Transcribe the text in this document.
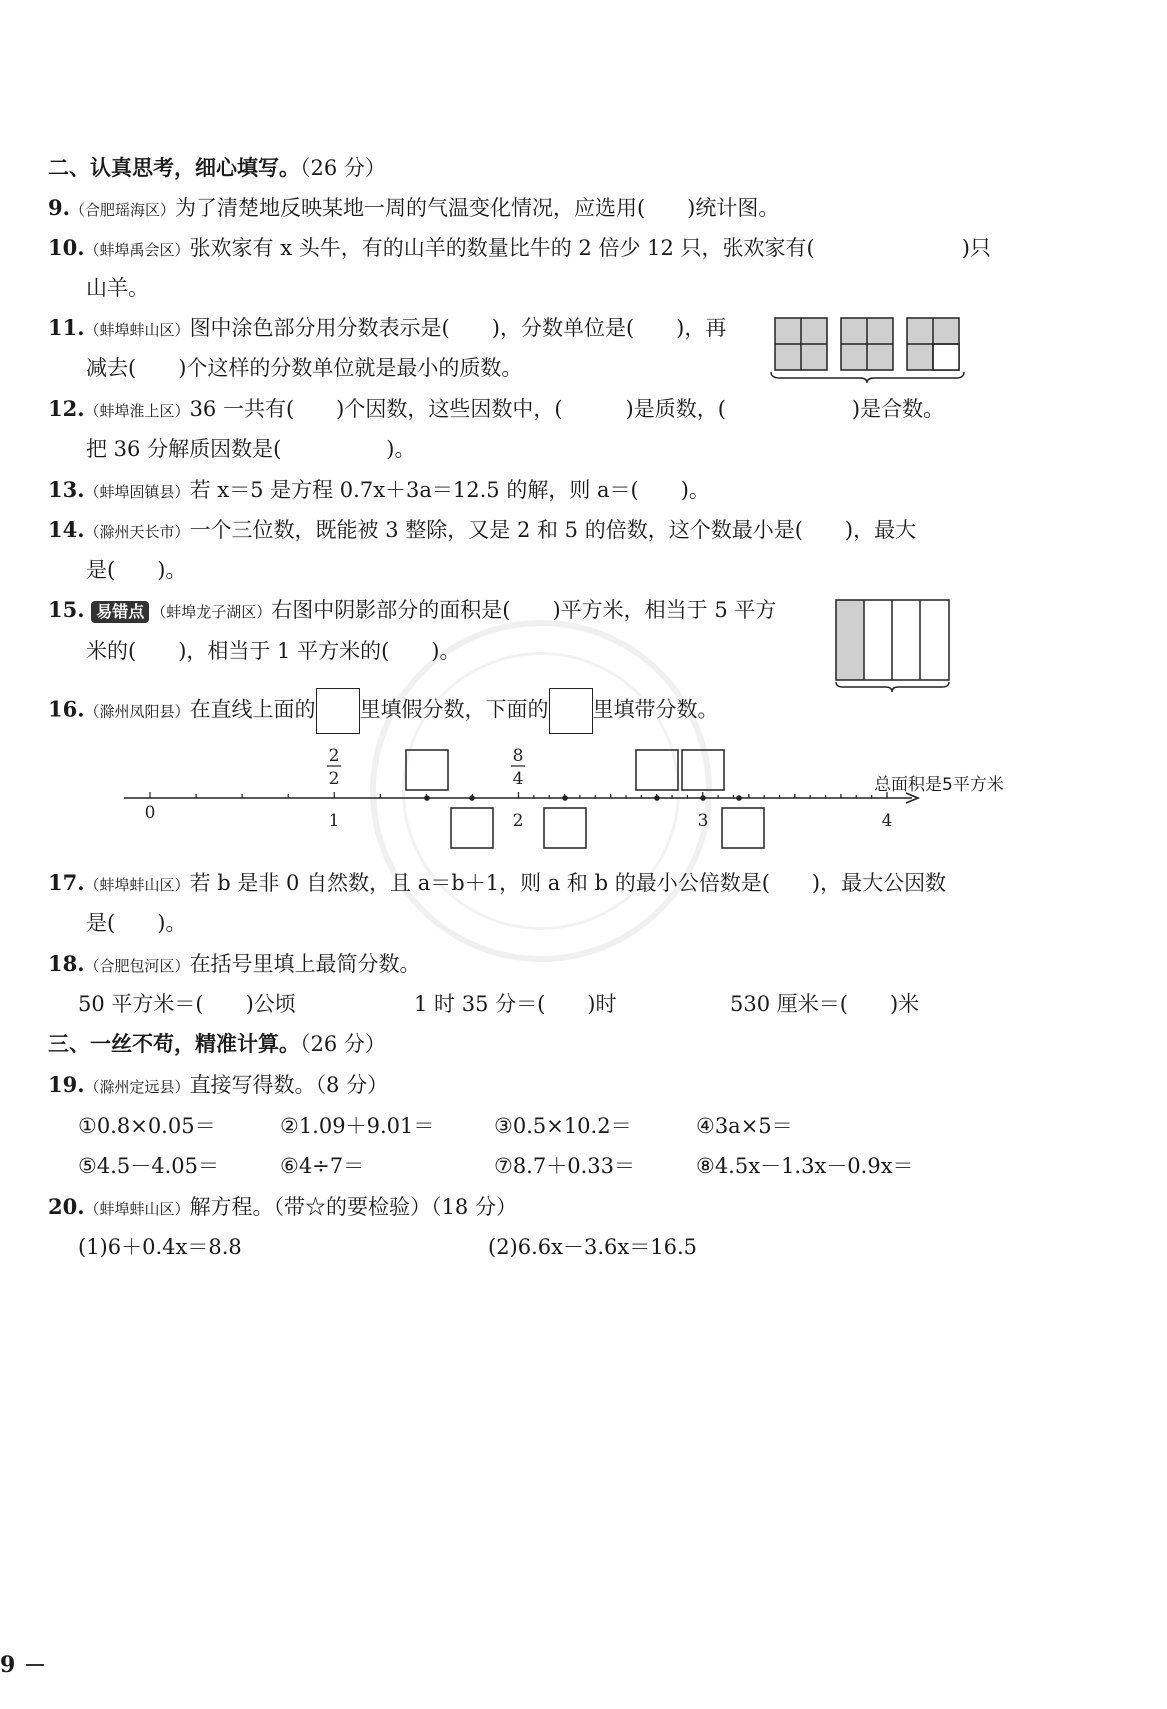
二、认真思考，细心填写。（26 分）
9.（合肥瑶海区）为了清楚地反映某地一周的气温变化情况，应选用(　　)统计图。
10.（蚌埠禹会区）张欢家有 x 头牛，有的山羊的数量比牛的 2 倍少 12 只，张欢家有(　　　　　　　)只
山羊。
11.（蚌埠蚌山区）图中涂色部分用分数表示是(　　)，分数单位是(　　)，再
减去(　　)个这样的分数单位就是最小的质数。
12.（蚌埠淮上区）36 一共有(　　)个因数，这些因数中，(　　　)是质数，(　　　　　　)是合数。
把 36 分解质因数是(　　　　　)。
13.（蚌埠固镇县）若 x＝5 是方程 0.7x＋3a＝12.5 的解，则 a＝(　　)。
14.（滁州天长市）一个三位数，既能被 3 整除，又是 2 和 5 的倍数，这个数最小是(　　)，最大
是(　　)。
15. 易错点 （蚌埠龙子湖区）右图中阴影部分的面积是(　　)平方米，相当于 5 平方
米的(　　)，相当于 1 平方米的(　　)。
总面积是5平方米
16.（滁州凤阳县）在直线上面的 里填假分数，下面的 里填带分数。
2
2
8
4
0	1	2	3	4
17.（蚌埠蚌山区）若 b 是非 0 自然数，且 a＝b＋1，则 a 和 b 的最小公倍数是(　　)，最大公因数
是(　　)。
18.（合肥包河区）在括号里填上最简分数。
50 平方米＝(　　)公顷	1 时 35 分＝(　　)时	530 厘米＝(　　)米
三、一丝不苟，精准计算。（26 分）
19.（滁州定远县）直接写得数。（8 分）
①0.8×0.05＝	②1.09＋9.01＝	③0.5×10.2＝	④3a×5＝
⑤4.5－4.05＝	⑥4÷7＝	⑦8.7＋0.33＝	⑧4.5x－1.3x－0.9x＝
20.（蚌埠蚌山区）解方程。（带☆的要检验）（18 分）
(1)6＋0.4x＝8.8	(2)6.6x－3.6x＝16.5
9
